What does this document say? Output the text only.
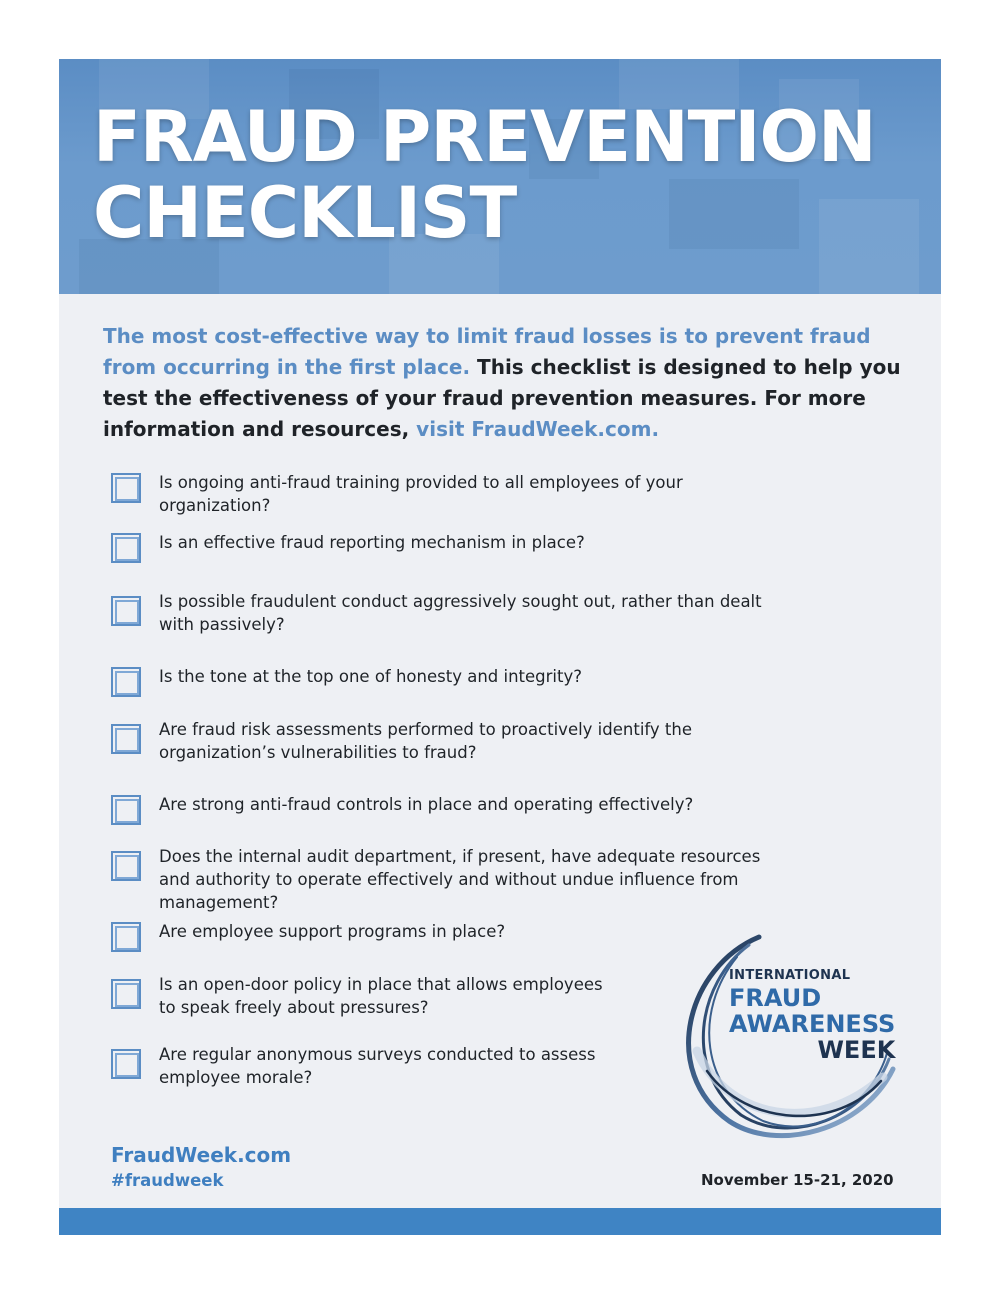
FRAUD PREVENTION
CHECKLIST

The most cost-effective way to limit fraud losses is to prevent fraud from occurring in the first place. This checklist is designed to help you test the effectiveness of your fraud prevention measures. For more information and resources, visit FraudWeek.com.

Is ongoing anti-fraud training provided to all employees of your organization?
Is an effective fraud reporting mechanism in place?
Is possible fraudulent conduct aggressively sought out, rather than dealt with passively?
Is the tone at the top one of honesty and integrity?
Are fraud risk assessments performed to proactively identify the organization’s vulnerabilities to fraud?
Are strong anti-fraud controls in place and operating effectively?
Does the internal audit department, if present, have adequate resources and authority to operate effectively and without undue influence from management?
Are employee support programs in place?
Is an open-door policy in place that allows employees to speak freely about pressures?
Are regular anonymous surveys conducted to assess employee morale?
FraudWeek.com
#fraudweek
INTERNATIONAL
FRAUD
AWARENESS
WEEK
November 15-21, 2020
